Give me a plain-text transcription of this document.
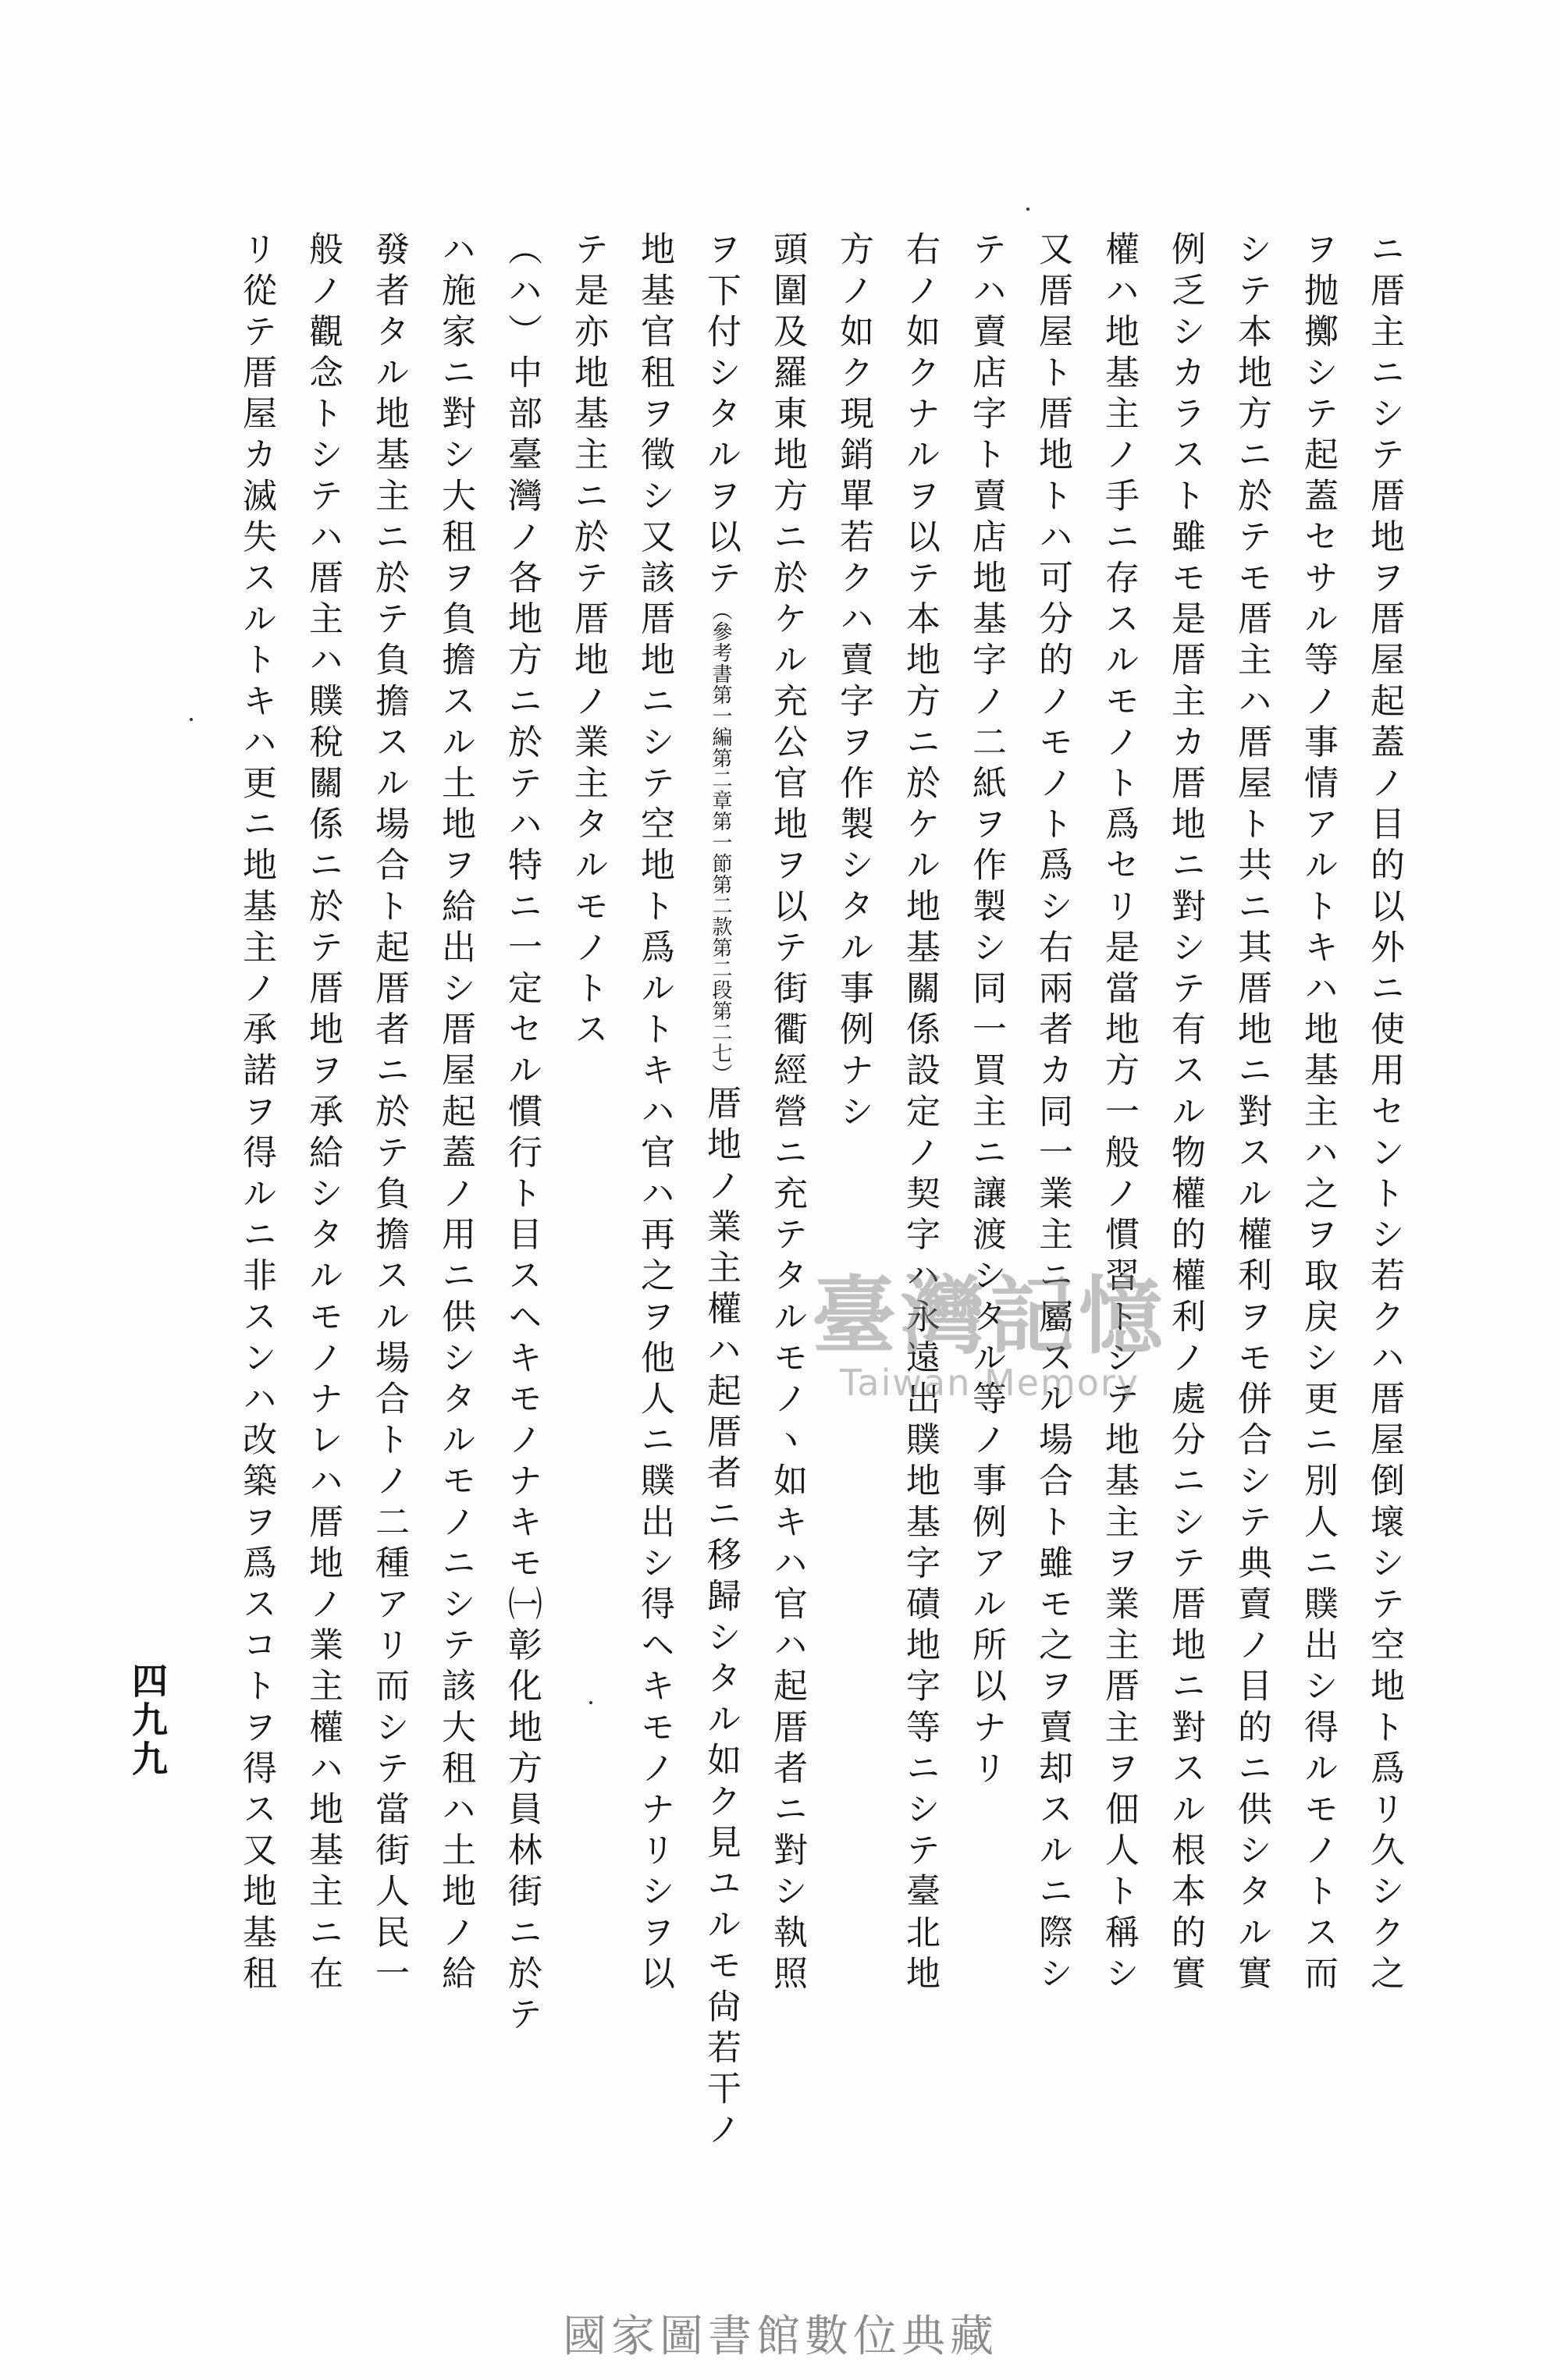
ニ厝主ニシテ厝地ヲ厝屋起蓋ノ目的以外ニ使用セントシ若クハ厝屋倒壞シテ空地ト爲リ久シク之
ヲ抛擲シテ起蓋セサル等ノ事情アルトキハ地基主ハ之ヲ取戻シ更ニ別人ニ贌出シ得ルモノトス而
シテ本地方ニ於テモ厝主ハ厝屋ト共ニ其厝地ニ對スル權利ヲモ併合シテ典賣ノ目的ニ供シタル實
例乏シカラスト雖モ是厝主カ厝地ニ對シテ有スル物權的權利ノ處分ニシテ厝地ニ對スル根本的實
權ハ地基主ノ手ニ存スルモノト爲セリ是當地方一般ノ慣習トシテ地基主ヲ業主厝主ヲ佃人ト稱シ
又厝屋ト厝地トハ可分的ノモノト爲シ右兩者カ同一業主ニ屬スル場合ト雖モ之ヲ賣却スルニ際シ
テハ賣店字ト賣店地基字ノ二紙ヲ作製シ同一買主ニ讓渡シタル等ノ事例アル所以ナリ
右ノ如クナルヲ以テ本地方ニ於ケル地基關係設定ノ契字ハ永遠出贌地基字磧地字等ニシテ臺北地
方ノ如ク現銷單若クハ賣字ヲ作製シタル事例ナシ
頭圍及羅東地方ニ於ケル充公官地ヲ以テ街衢經營ニ充テタルモノヽ如キハ官ハ起厝者ニ對シ執照
ヲ下付シタルヲ以テ（參考書第一編第二章第一節第二款第二段第二七）厝地ノ業主權ハ起厝者ニ移歸シタル如ク見ユルモ尙若干ノ
地基官租ヲ徵シ又該厝地ニシテ空地ト爲ルトキハ官ハ再之ヲ他人ニ贌出シ得ヘキモノナリシヲ以
テ是亦地基主ニ於テ厝地ノ業主タルモノトス
（ハ）中部臺灣ノ各地方ニ於テハ特ニ一定セル慣行ト目スヘキモノナキモ㈠彰化地方員林街ニ於テ
ハ施家ニ對シ大租ヲ負擔スル土地ヲ給出シ厝屋起蓋ノ用ニ供シタルモノニシテ該大租ハ土地ノ給
發者タル地基主ニ於テ負擔スル場合ト起厝者ニ於テ負擔スル場合トノ二種アリ而シテ當街人民一
般ノ觀念トシテハ厝主ハ贌稅關係ニ於テ厝地ヲ承給シタルモノナレハ厝地ノ業主權ハ地基主ニ在
リ從テ厝屋カ滅失スルトキハ更ニ地基主ノ承諾ヲ得ルニ非スンハ改築ヲ爲スコトヲ得ス又地基租
四九九
臺灣記憶
Taiwan Memory
國家圖書館數位典藏
